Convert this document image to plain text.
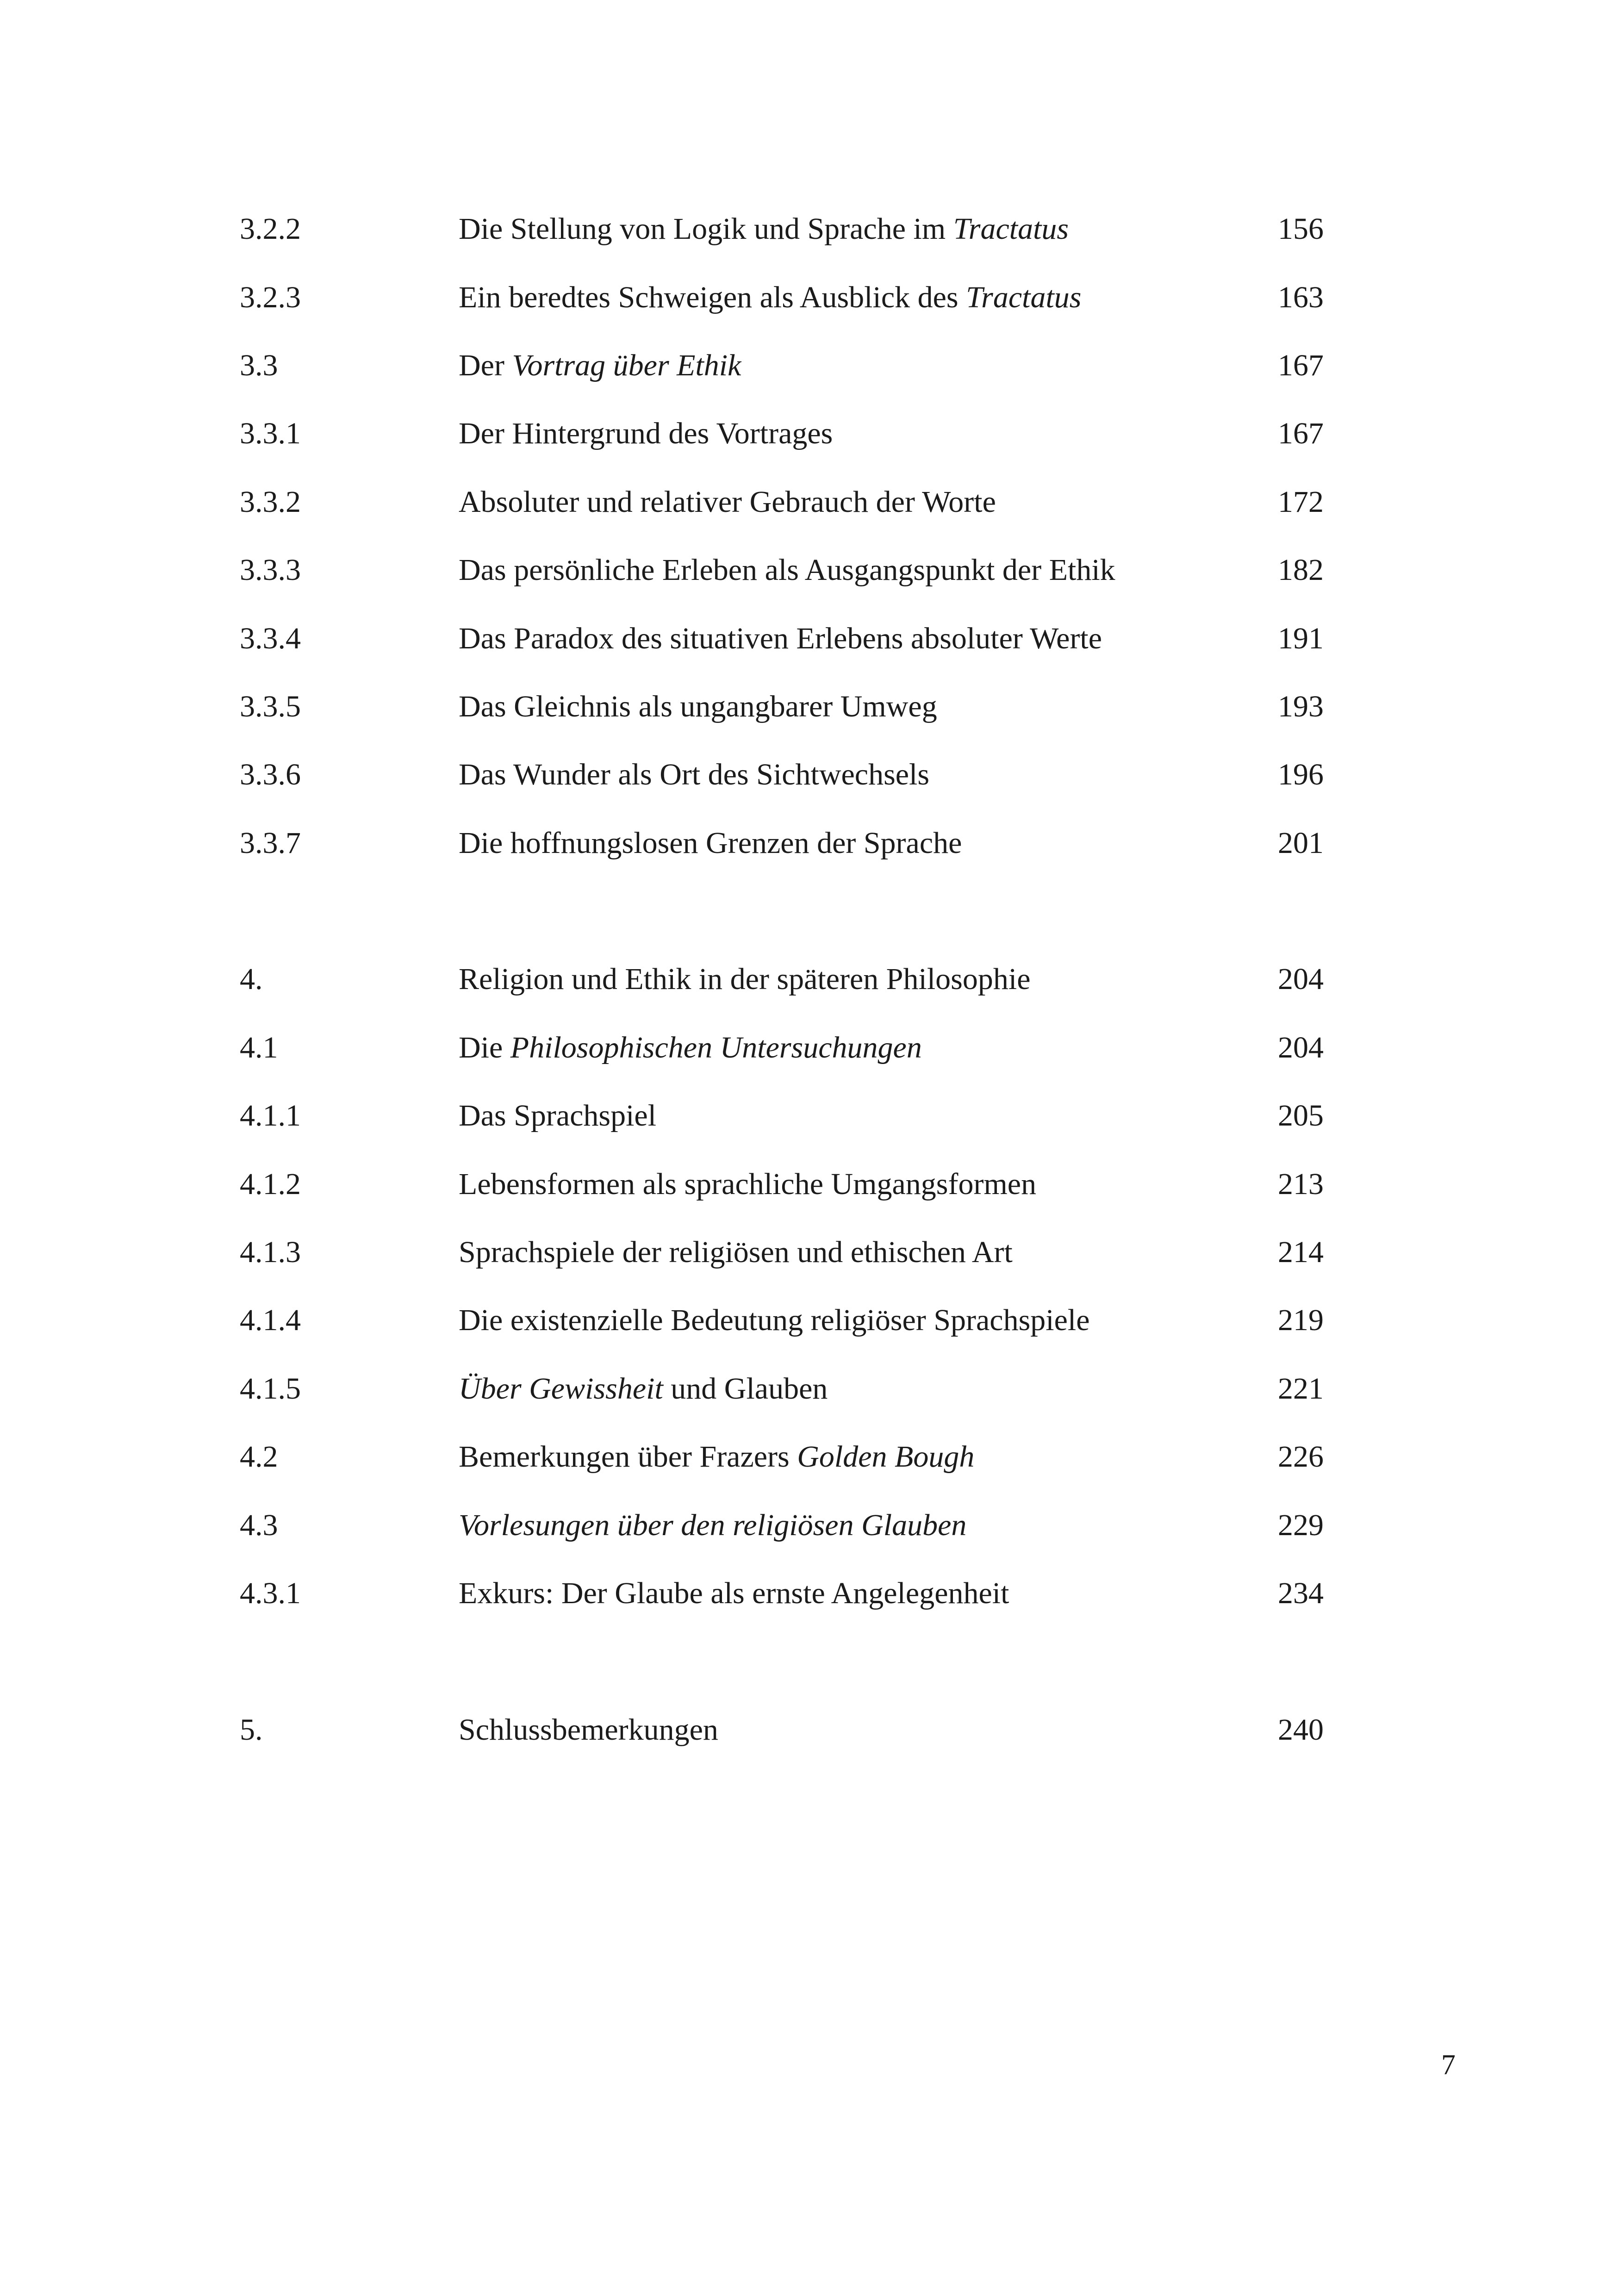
3.2.2	Die Stellung von Logik und Sprache im Tractatus	156
3.2.3	Ein beredtes Schweigen als Ausblick des Tractatus	163
3.3	Der Vortrag über Ethik	167
3.3.1	Der Hintergrund des Vortrages	167
3.3.2	Absoluter und relativer Gebrauch der Worte	172
3.3.3	Das persönliche Erleben als Ausgangspunkt der Ethik	182
3.3.4	Das Paradox des situativen Erlebens absoluter Werte	191
3.3.5	Das Gleichnis als ungangbarer Umweg	193
3.3.6	Das Wunder als Ort des Sichtwechsels	196
3.3.7	Die hoffnungslosen Grenzen der Sprache	201
4.	Religion und Ethik in der späteren Philosophie	204
4.1	Die Philosophischen Untersuchungen	204
4.1.1	Das Sprachspiel	205
4.1.2	Lebensformen als sprachliche Umgangsformen	213
4.1.3	Sprachspiele der religiösen und ethischen Art	214
4.1.4	Die existenzielle Bedeutung religiöser Sprachspiele	219
4.1.5	Über Gewissheit und Glauben	221
4.2	Bemerkungen über Frazers Golden Bough	226
4.3	Vorlesungen über den religiösen Glauben	229
4.3.1	Exkurs: Der Glaube als ernste Angelegenheit	234
5.	Schlussbemerkungen	240
7
